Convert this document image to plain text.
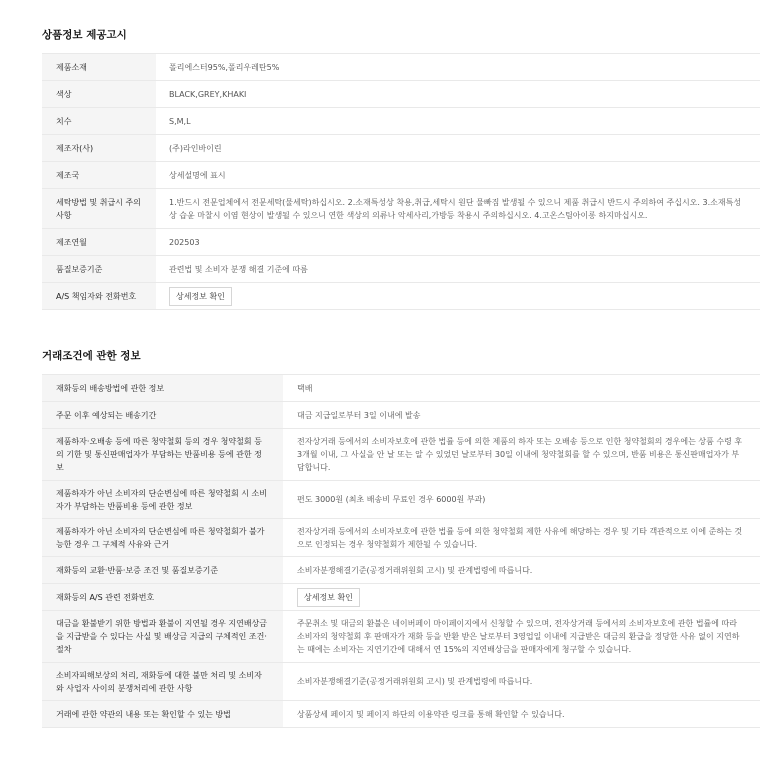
상품정보 제공고시
제품소재	폴리에스터95%,폴리우레탄5%
색상	BLACK,GREY,KHAKI
치수	S,M,L
제조자(사)	(주)라인바이린
제조국	상세설명에 표시
세탁방법 및 취급시 주의사항	1.반드시 전문업체에서 전문세탁(물세탁)하십시오. 2.소재특성상 착용,취급,세탁시 원단 물빠짐 발생될 수 있으니 제품 취급시 반드시 주의하여 주십시오. 3.소재특성상 습윤 마찰시 이염 현상이 발생될 수 있으니 연한 색상의 의류나 악세사리,가방등 착용시 주의하십시오. 4.고온스팀아이롱 하지마십시오.
제조연월	202503
품질보증기준	관련법 및 소비자 분쟁 해결 기준에 따름
A/S 책임자와 전화번호	상세정보 확인
거래조건에 관한 정보
재화등의 배송방법에 관한 정보	택배
주문 이후 예상되는 배송기간	대금 지급일로부터 3일 이내에 발송
제품하자·오배송 등에 따른 청약철회 등의 경우 청약철회 등의 기한 및 통신판매업자가 부담하는 반품비용 등에 관한 정보	전자상거래 등에서의 소비자보호에 관한 법률 등에 의한 제품의 하자 또는 오배송 등으로 인한 청약철회의 경우에는 상품 수령 후 3개월 이내, 그 사실을 안 날 또는 알 수 있었던 날로부터 30일 이내에 청약철회를 할 수 있으며, 반품 비용은 통신판매업자가 부담합니다.
제품하자가 아닌 소비자의 단순변심에 따른 청약철회 시 소비자가 부담하는 반품비용 등에 관한 정보	편도 3000원 (최초 배송비 무료인 경우 6000원 부과)
제품하자가 아닌 소비자의 단순변심에 따른 청약철회가 불가능한 경우 그 구체적 사유와 근거	전자상거래 등에서의 소비자보호에 관한 법률 등에 의한 청약철회 제한 사유에 해당하는 경우 및 기타 객관적으로 이에 준하는 것으로 인정되는 경우 청약철회가 제한될 수 있습니다.
재화등의 교환·반품·보증 조건 및 품질보증기준	소비자분쟁해결기준(공정거래위원회 고시) 및 관계법령에 따릅니다.
재화등의 A/S 관련 전화번호	상세정보 확인
대금을 환불받기 위한 방법과 환불이 지연될 경우 지연배상금을 지급받을 수 있다는 사실 및 배상금 지급의 구체적인 조건·절차	주문취소 및 대금의 환불은 네이버페이 마이페이지에서 신청할 수 있으며, 전자상거래 등에서의 소비자보호에 관한 법률에 따라 소비자의 청약철회 후 판매자가 재화 등을 반환 받은 날로부터 3영업일 이내에 지급받은 대금의 환급을 정당한 사유 없이 지연하는 때에는 소비자는 지연기간에 대해서 연 15%의 지연배상금을 판매자에게 청구할 수 있습니다.
소비자피해보상의 처리, 재화등에 대한 불만 처리 및 소비자와 사업자 사이의 분쟁처리에 관한 사항	소비자분쟁해결기준(공정거래위원회 고시) 및 관계법령에 따릅니다.
거래에 관한 약관의 내용 또는 확인할 수 있는 방법	상품상세 페이지 및 페이지 하단의 이용약관 링크를 통해 확인할 수 있습니다.
